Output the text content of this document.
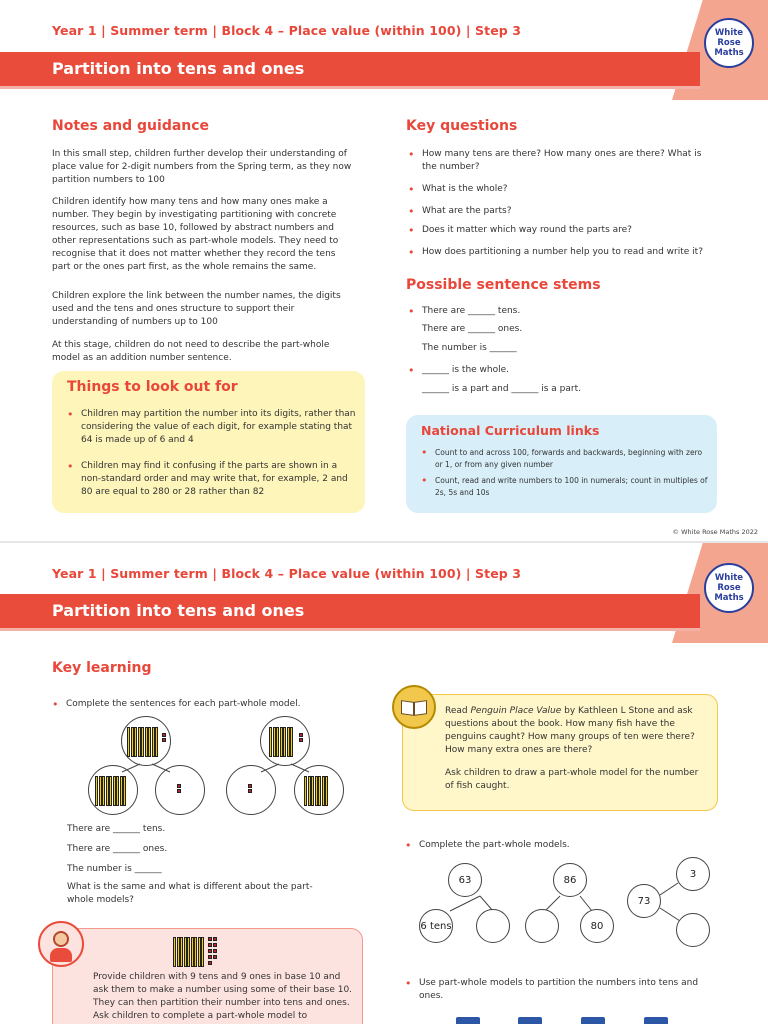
White
Rose
Maths
Year 1 | Summer term | Block 4 – Place value (within 100) | Step 3
Partition into tens and ones
Notes and guidance
In this small step, children further develop their understanding of place value for 2-digit numbers from the Spring term, as they now partition numbers to 100
Children identify how many tens and how many ones make a number. They begin by investigating partitioning with concrete resources, such as base 10, followed by abstract numbers and other representations such as part-whole models. They need to recognise that it does not matter whether they record the tens part or the ones part first, as the whole remains the same.
Children explore the link between the number names, the digits used and the tens and ones structure to support their understanding of numbers up to 100
At this stage, children do not need to describe the part-whole model as an addition number sentence.
Things to look out for
• Children may partition the number into its digits, rather than considering the value of each digit, for example stating that 64 is made up of 6 and 4
• Children may find it confusing if the parts are shown in a non-standard order and may write that, for example, 2 and 80 are equal to 280 or 28 rather than 82
Key questions
• How many tens are there? How many ones are there? What is the number?
• What is the whole?
• What are the parts?
• Does it matter which way round the parts are?
• How does partitioning a number help you to read and write it?
Possible sentence stems
• There are ______ tens.
There are ______ ones.
The number is ______
• ______ is the whole.
______ is a part and ______ is a part.
National Curriculum links
• Count to and across 100, forwards and backwards, beginning with zero or 1, or from any given number
• Count, read and write numbers to 100 in numerals; count in multiples of 2s, 5s and 10s
© White Rose Maths 2022
White
Rose
Maths
Year 1 | Summer term | Block 4 – Place value (within 100) | Step 3
Partition into tens and ones
Key learning
• Complete the sentences for each part-whole model.
There are ______ tens.
There are ______ ones.
The number is ______
What is the same and what is different about the part-whole models?
Provide children with 9 tens and 9 ones in base 10 and ask them to make a number using some of their base 10. They can then partition their number into tens and ones. Ask children to complete a part-whole model to
Read Penguin Place Value by Kathleen L Stone and ask questions about the book. How many fish have the penguins caught? How many groups of ten were there? How many extra ones are there?
Ask children to draw a part-whole model for the number of fish caught.
• Complete the part-whole models.
63
6 tens
86
80
73
3
• Use part-whole models to partition the numbers into tens and ones.
